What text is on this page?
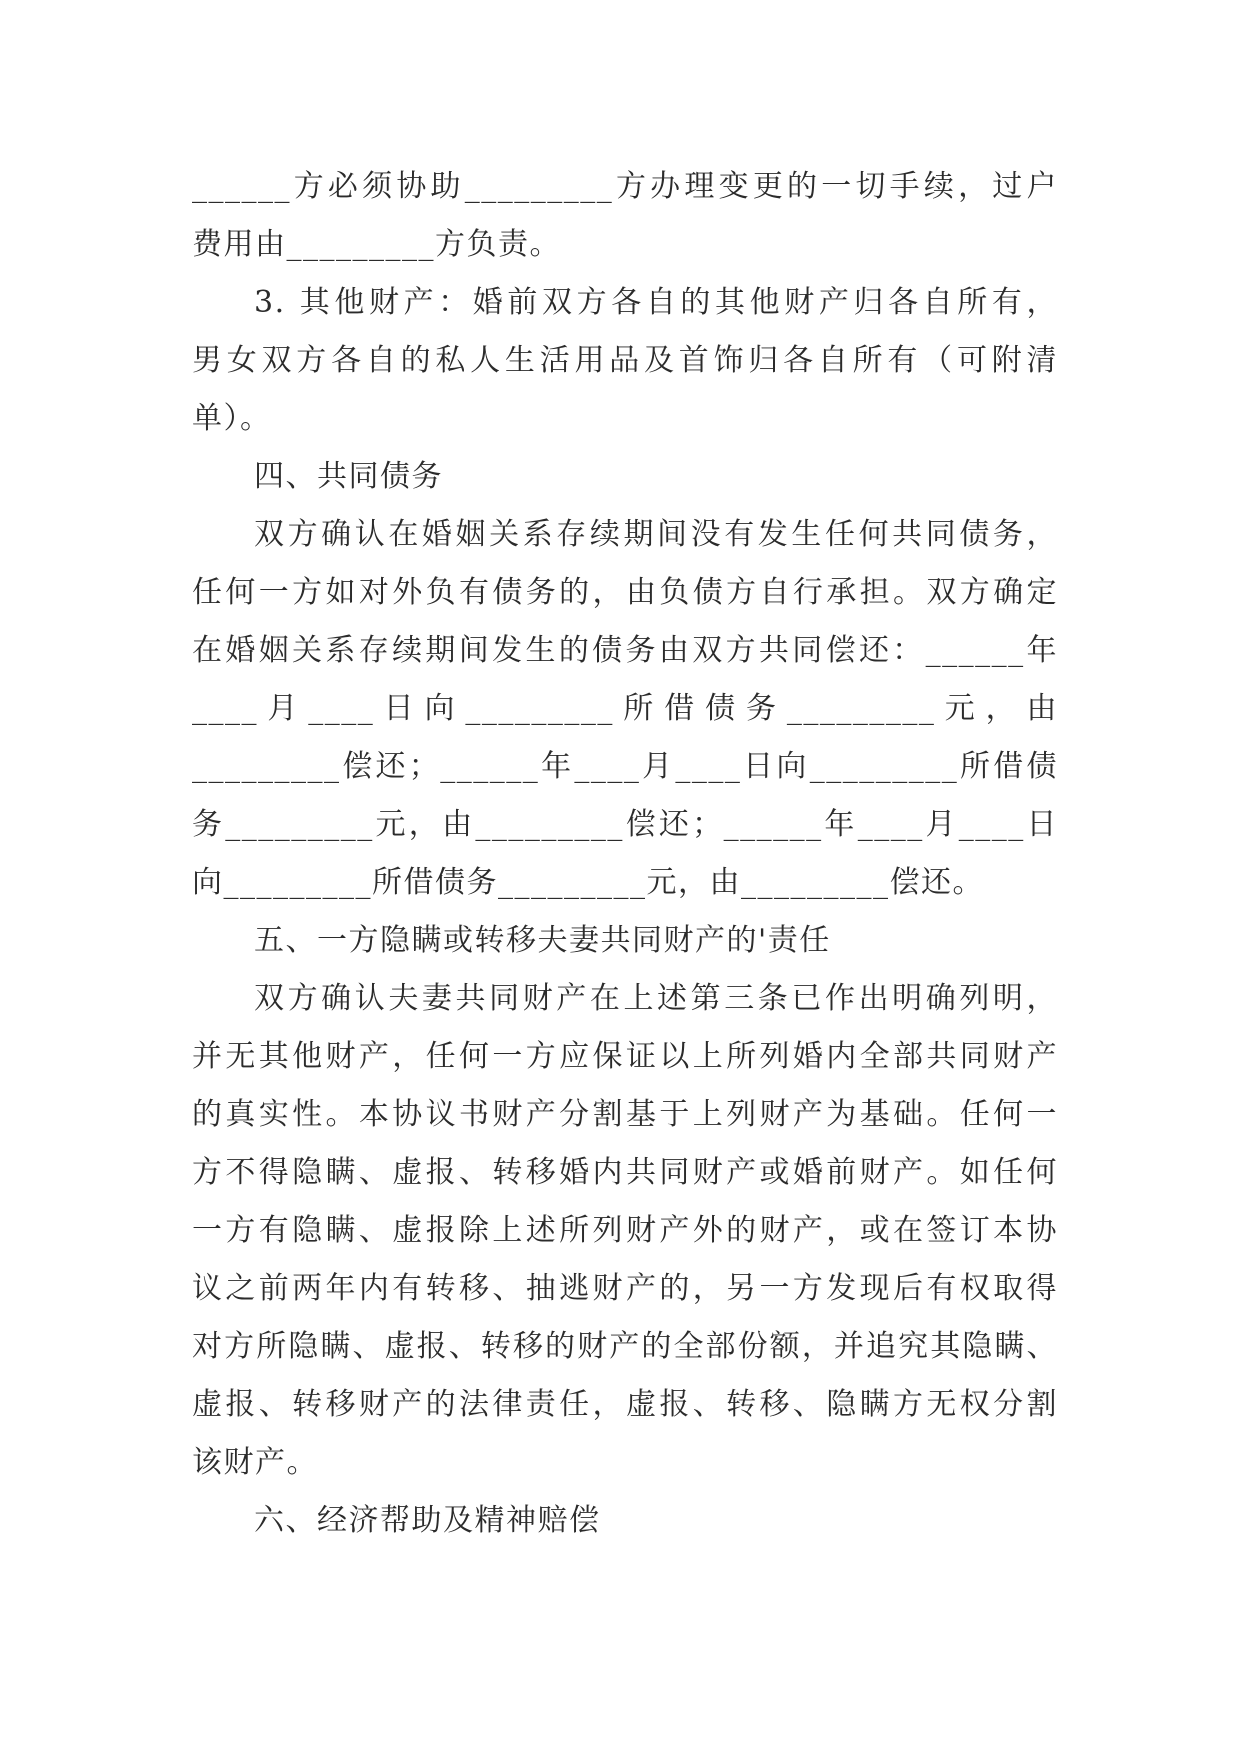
______方必须协助_________方办理变更的一切手续，过户
费用由_________方负责。
3. 其他财产：婚前双方各自的其他财产归各自所有，
男女双方各自的私人生活用品及首饰归各自所有（可附清
单）。
四、共同债务
双方确认在婚姻关系存续期间没有发生任何共同债务，
任何一方如对外负有债务的，由负债方自行承担。双方确定
在婚姻关系存续期间发生的债务由双方共同偿还：______年
____月____日向_________所借债务_________元，由
_________偿还；______年____月____日向_________所借债
务_________元，由_________偿还；______年____月____日
向_________所借债务_________元，由_________偿还。
五、一方隐瞒或转移夫妻共同财产的'责任
双方确认夫妻共同财产在上述第三条已作出明确列明，
并无其他财产，任何一方应保证以上所列婚内全部共同财产
的真实性。本协议书财产分割基于上列财产为基础。任何一
方不得隐瞒、虚报、转移婚内共同财产或婚前财产。如任何
一方有隐瞒、虚报除上述所列财产外的财产，或在签订本协
议之前两年内有转移、抽逃财产的，另一方发现后有权取得
对方所隐瞒、虚报、转移的财产的全部份额，并追究其隐瞒、
虚报、转移财产的法律责任，虚报、转移、隐瞒方无权分割
该财产。
六、经济帮助及精神赔偿
